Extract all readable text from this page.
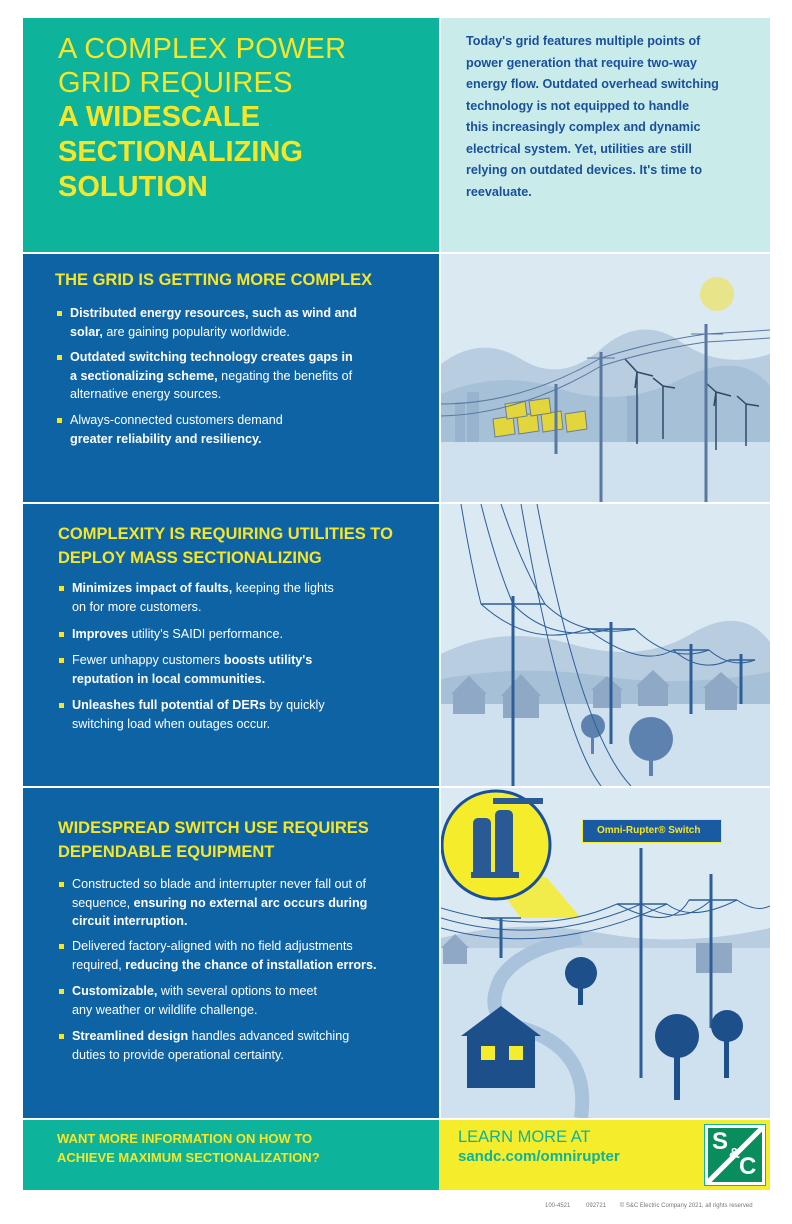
A COMPLEX POWER
GRID REQUIRES
A WIDESCALE
SECTIONALIZING
SOLUTION
Today's grid features multiple points of
power generation that require two-way
energy flow. Outdated overhead switching
technology is not equipped to handle
this increasingly complex and dynamic
electrical system. Yet, utilities are still
relying on outdated devices. It's time to
reevaluate.
THE GRID IS GETTING MORE COMPLEX
Distributed energy resources, such as wind and
solar, are gaining popularity worldwide.
Outdated switching technology creates gaps in
a sectionalizing scheme, negating the benefits of
alternative energy sources.
Always-connected customers demand
greater reliability and resiliency.
COMPLEXITY IS REQUIRING UTILITIES TO
DEPLOY MASS SECTIONALIZING
Minimizes impact of faults, keeping the lights
on for more customers.
Improves utility's SAIDI performance.
Fewer unhappy customers boosts utility's
reputation in local communities.
Unleashes full potential of DERs by quickly
switching load when outages occur.
WIDESPREAD SWITCH USE REQUIRES
DEPENDABLE EQUIPMENT
Constructed so blade and interrupter never fall out of
sequence, ensuring no external arc occurs during
circuit interruption.
Delivered factory-aligned with no field adjustments
required, reducing the chance of installation errors.
Customizable, with several options to meet
any weather or wildlife challenge.
Streamlined design handles advanced switching
duties to provide operational certainty.
Omni-Rupter® Switch
WANT MORE INFORMATION ON HOW TO
ACHIEVE MAXIMUM SECTIONALIZATION?
LEARN MORE AT
sandc.com/omnirupter
S & C
100-4521	092721 © S&C Electric Company 2021, all rights reserved
